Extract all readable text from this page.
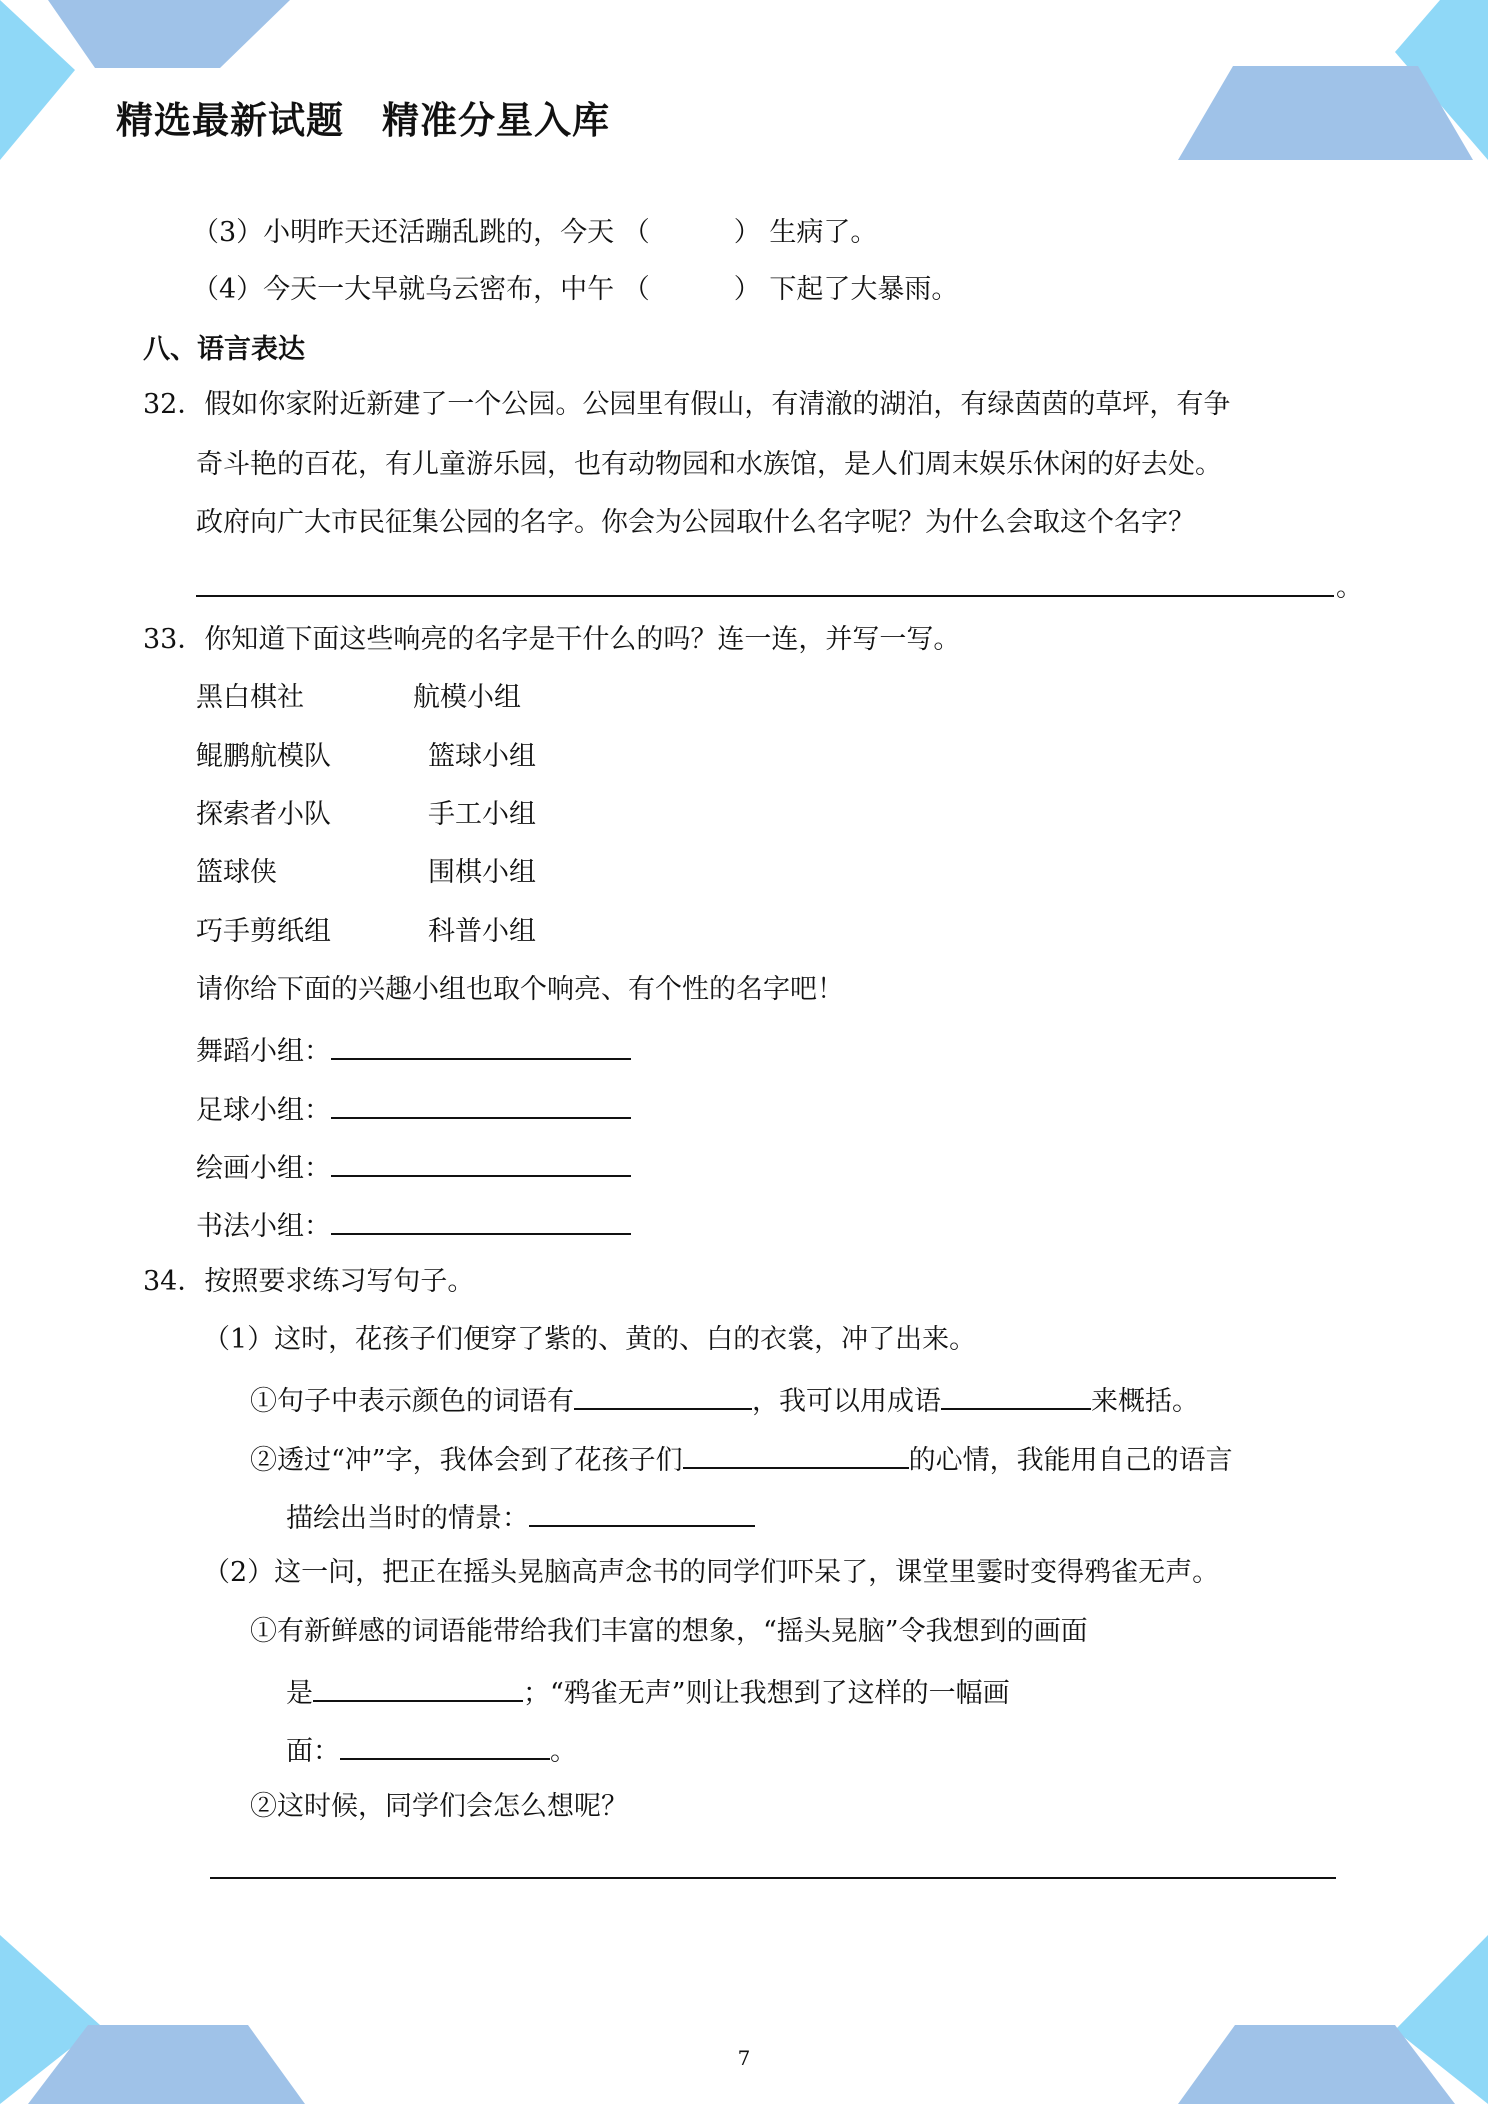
精选最新试题　精准分星入库
（3）小明昨天还活蹦乱跳的，今天 （	） 生病了。
（4）今天一大早就乌云密布，中午 （	） 下起了大暴雨。
八、语言表达
32．假如你家附近新建了一个公园。公园里有假山，有清澈的湖泊，有绿茵茵的草坪，有争
奇斗艳的百花，有儿童游乐园，也有动物园和水族馆，是人们周末娱乐休闲的好去处。
政府向广大市民征集公园的名字。你会为公园取什么名字呢？为什么会取这个名字？
。
33．你知道下面这些响亮的名字是干什么的吗？连一连，并写一写。
黑白棋社	航模小组
鲲鹏航模队	篮球小组
探索者小队	手工小组
篮球侠	围棋小组
巧手剪纸组	科普小组
请你给下面的兴趣小组也取个响亮、有个性的名字吧！
舞蹈小组：
足球小组：
绘画小组：
书法小组：
34．按照要求练习写句子。
（1）这时，花孩子们便穿了紫的、黄的、白的衣裳，冲了出来。
①句子中表示颜色的词语有	，我可以用成语	来概括。
②透过“冲”字，我体会到了花孩子们	的心情，我能用自己的语言
描绘出当时的情景：
（2）这一问，把正在摇头晃脑高声念书的同学们吓呆了，课堂里霎时变得鸦雀无声。
①有新鲜感的词语能带给我们丰富的想象，“摇头晃脑”令我想到的画面
是	；“鸦雀无声”则让我想到了这样的一幅画
面：	。
②这时候，同学们会怎么想呢？
7
